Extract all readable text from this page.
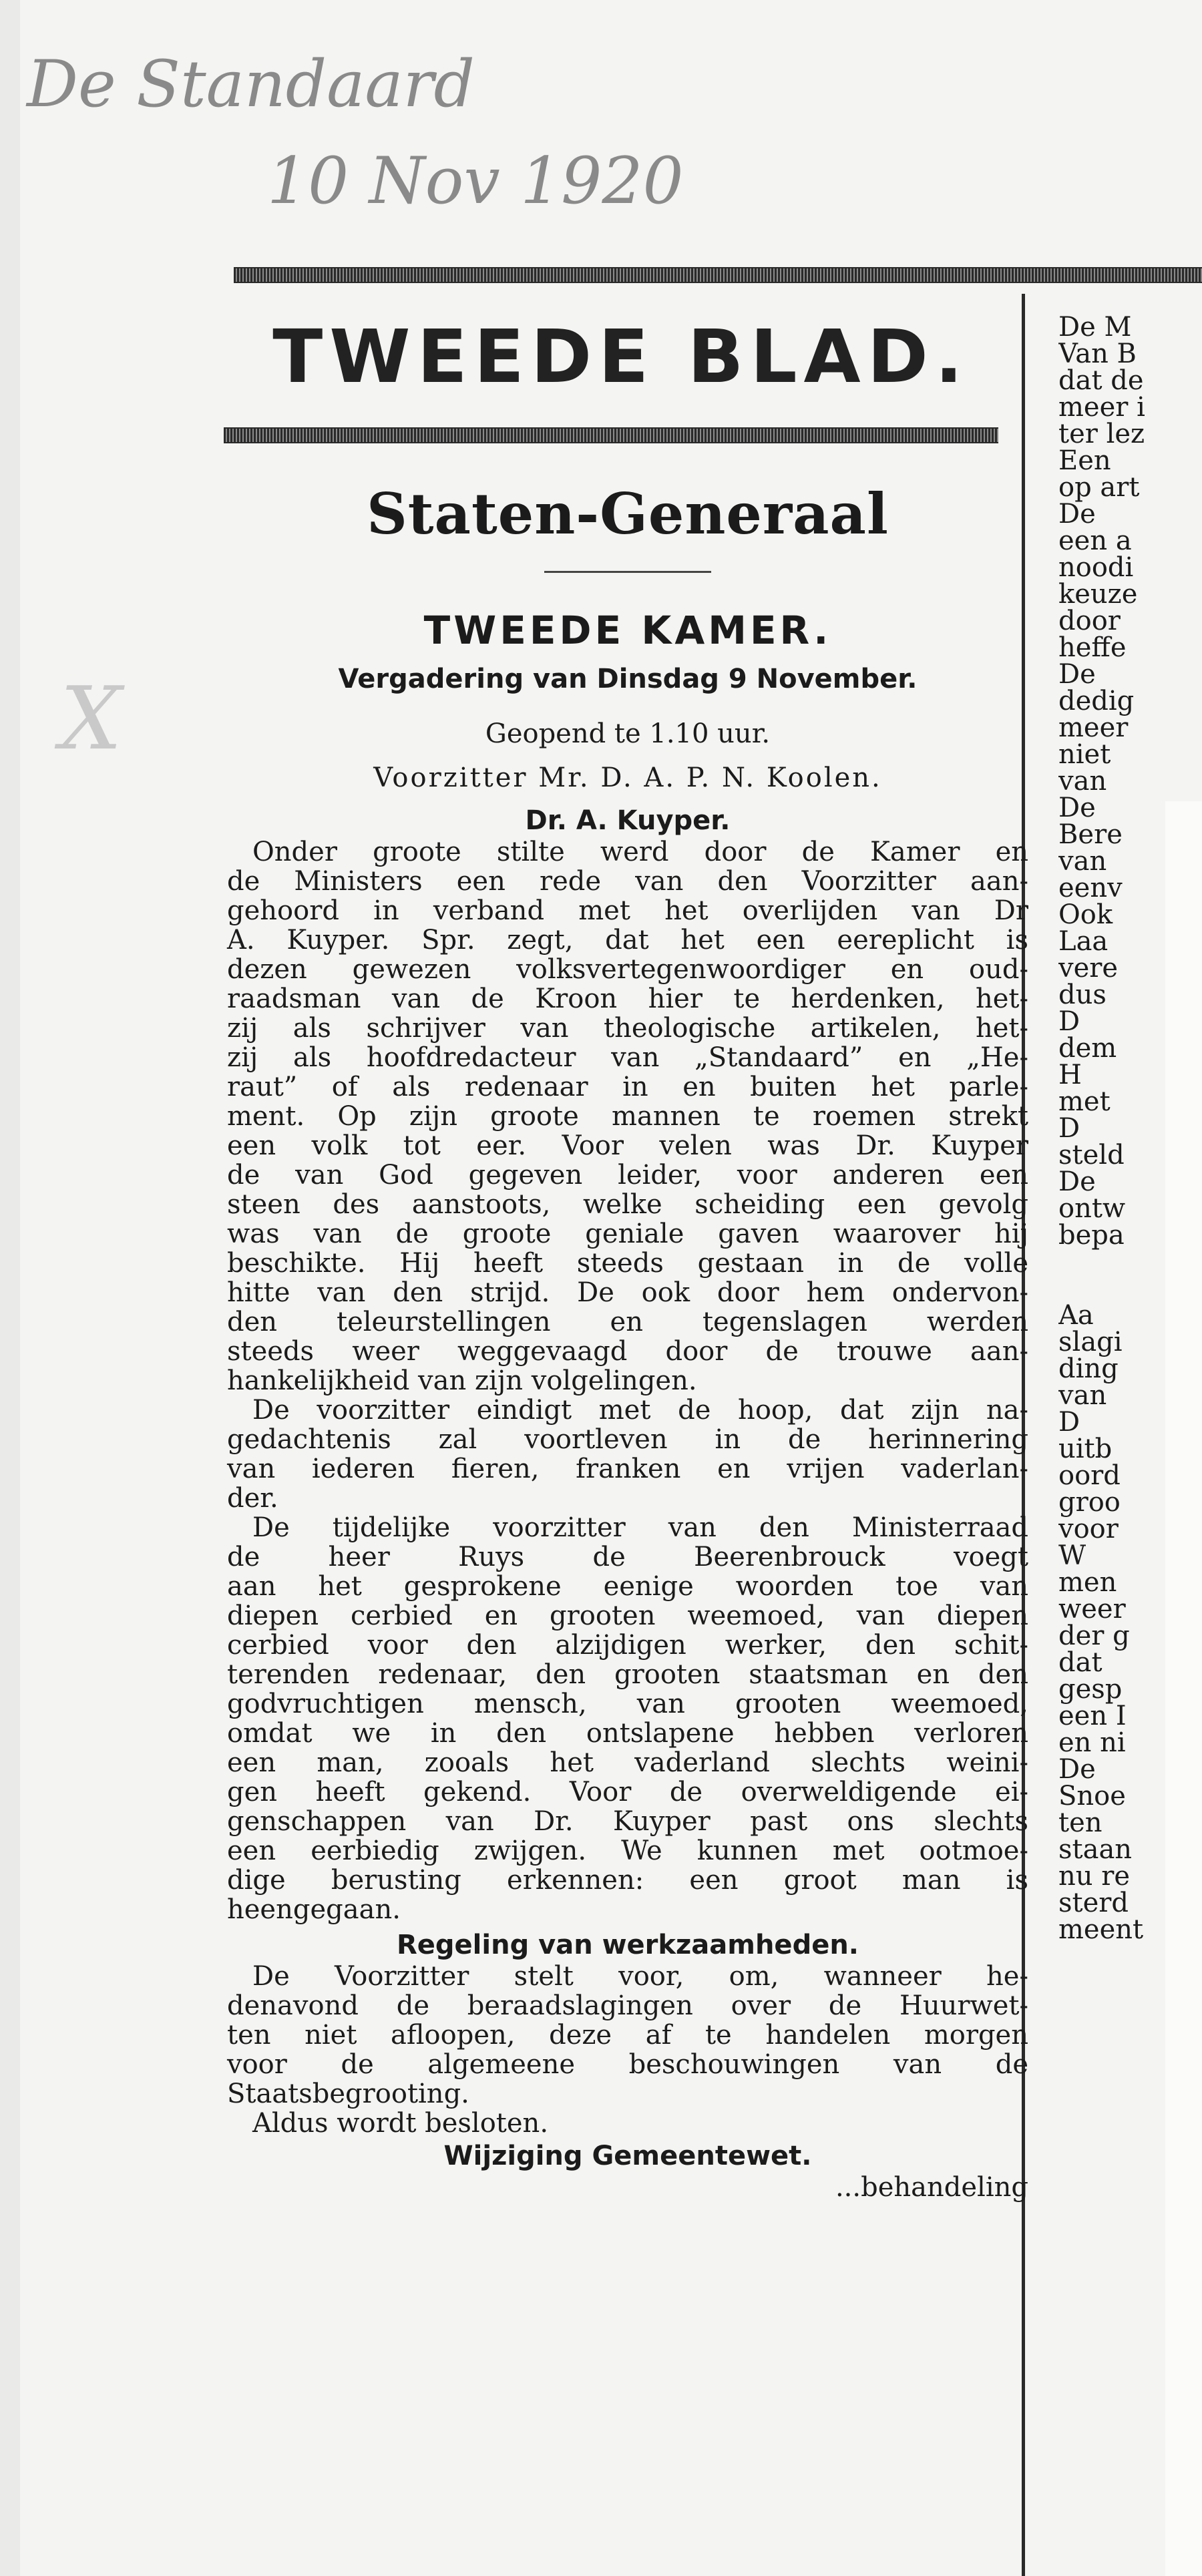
De Standaard
10 Nov 1920
X
TWEEDE BLAD.
Staten-Generaal
TWEEDE KAMER.
Vergadering van Dinsdag 9 November.
Geopend te 1.10 uur.
Voorzitter Mr. D. A. P. N. Koolen.
Dr. A. Kuyper.
Onder groote stilte werd door de Kamer en
de Ministers een rede van den Voorzitter aan-
gehoord in verband met het overlijden van Dr
A. Kuyper. Spr. zegt, dat het een eereplicht is
dezen gewezen volksvertegenwoordiger en oud-
raadsman van de Kroon hier te herdenken, het-
zij als schrijver van theologische artikelen, het-
zij als hoofdredacteur van „Standaard” en „He-
raut” of als redenaar in en buiten het parle-
ment. Op zijn groote mannen te roemen strekt
een volk tot eer. Voor velen was Dr. Kuyper
de van God gegeven leider, voor anderen een
steen des aanstoots, welke scheiding een gevolg
was van de groote geniale gaven waarover hij
beschikte. Hij heeft steeds gestaan in de volle
hitte van den strijd. De ook door hem ondervon-
den teleurstellingen en tegenslagen werden
steeds weer weggevaagd door de trouwe aan-
hankelijkheid van zijn volgelingen.
De voorzitter eindigt met de hoop, dat zijn na-
gedachtenis zal voortleven in de herinnering
van iederen fieren, franken en vrijen vaderlan-
der.
De tijdelijke voorzitter van den Ministerraad
de heer Ruys de Beerenbrouck voegt
aan het gesprokene eenige woorden toe van
diepen cerbied en grooten weemoed, van diepen
cerbied voor den alzijdigen werker, den schit-
terenden redenaar, den grooten staatsman en den
godvruchtigen mensch, van grooten weemoed,
omdat we in den ontslapene hebben verloren
een man, zooals het vaderland slechts weini-
gen heeft gekend. Voor de overweldigende ei-
genschappen van Dr. Kuyper past ons slechts
een eerbiedig zwijgen. We kunnen met ootmoe-
dige berusting erkennen: een groot man is
heengegaan.
Regeling van werkzaamheden.
De Voorzitter stelt voor, om, wanneer he-
denavond de beraadslagingen over de Huurwet-
ten niet afloopen, deze af te handelen morgen
voor de algemeene beschouwingen van de
Staatsbegrooting.
Aldus wordt besloten.
Wijziging Gemeentewet.
...behandeling
De M
Van B
dat de
meer i
ter lez
Een
op art
De
een a
noodi
keuze
door
heffe
De
dedig
meer
niet
van
De
Bere
van
eenv
Ook
Laa
vere
dus
D
dem
H
met
D
steld
De
ontw
bepa

Aa
slagi
ding
van
D
uitb
oord
groo
voor
W
men
weer
der g
dat
gesp
een I
en ni
De
Snoe
ten
staan
nu re
sterd
meent
